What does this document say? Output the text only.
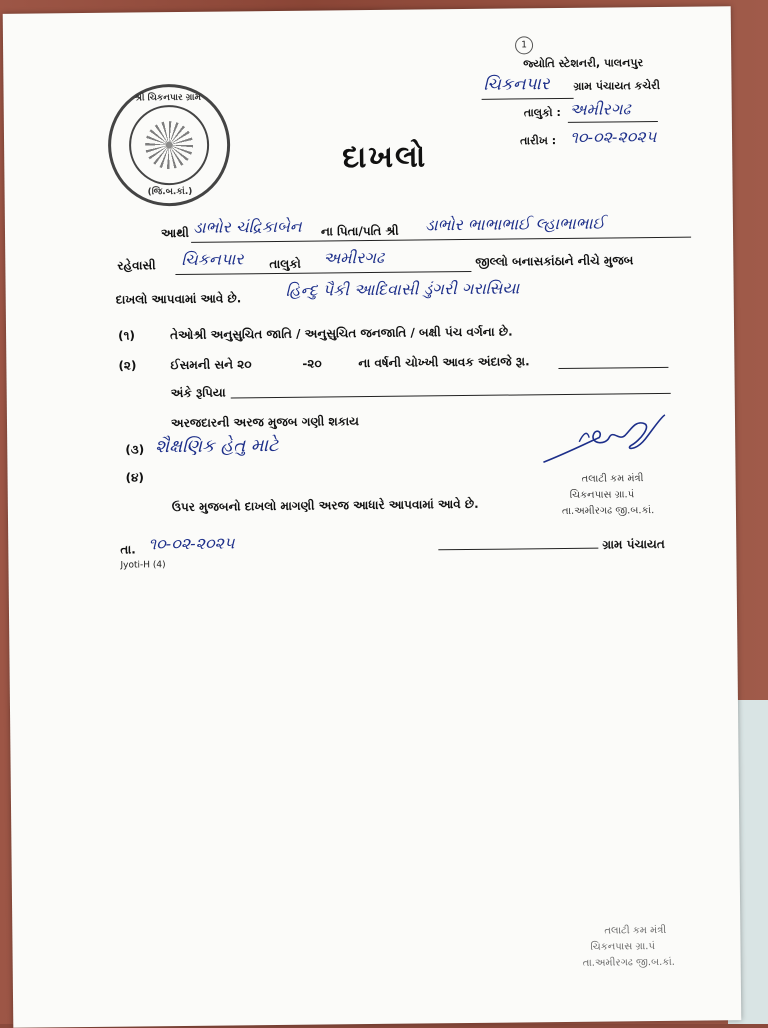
1
જ્યોતિ સ્ટેશનરી, પાલનપુર
ચિકનપાર ગ્રામ પંચાયત કચેરી
તાલુકો : અમીરગઢ
તારીખ : ૧૦-૦૨-૨૦૨૫
શ્રી ચિકનપાર ગ્રામ
(જિ.બ.કાં.)
દાખલો
આથી ડાભોર ચંદ્રિકાબેન ના પિતા/પતિ શ્રી ડાભોર ભાભાભાઈ લ્હાભાભાઈ
રહેવાસી ચિકનપાર તાલુકો અમીરગઢ	જીલ્લો બનાસકાંઠાને નીચે મુજબ
દાખલો આપવામાં આવે છે.	હિન્દુ પૈકી આદિવાસી ડુંગરી ગરાસિયા
(૧)	તેઓશ્રી અનુસુચિત જાતિ / અનુસુચિત જનજાતિ / બક્ષી પંચ વર્ગના છે.
(૨)	ઈસમની સને ૨૦	-૨૦	ના વર્ષની ચોખ્ખી આવક અંદાજે રૂા.
અંકે રૂપિયા
અરજદારની અરજ મુજબ ગણી શકાય
(૩) શૈક્ષણિક હેતુ માટે
(૪)	તલાટી કમ મંત્રી
ચિકનપાસ ગ્રા.પં
તા.અમીરગઢ જી.બ.કાં.
ઉપર મુજબનો દાખલો માગણી અરજ આધારે આપવામાં આવે છે.
તા. ૧૦-૦૨-૨૦૨૫
Jyoti-H (4)
ગ્રામ પંચાયત
તલાટી કમ મંત્રી
ચિકનપાસ ગ્રા.પં
તા.અમીરગઢ જી.બ.કાં.
